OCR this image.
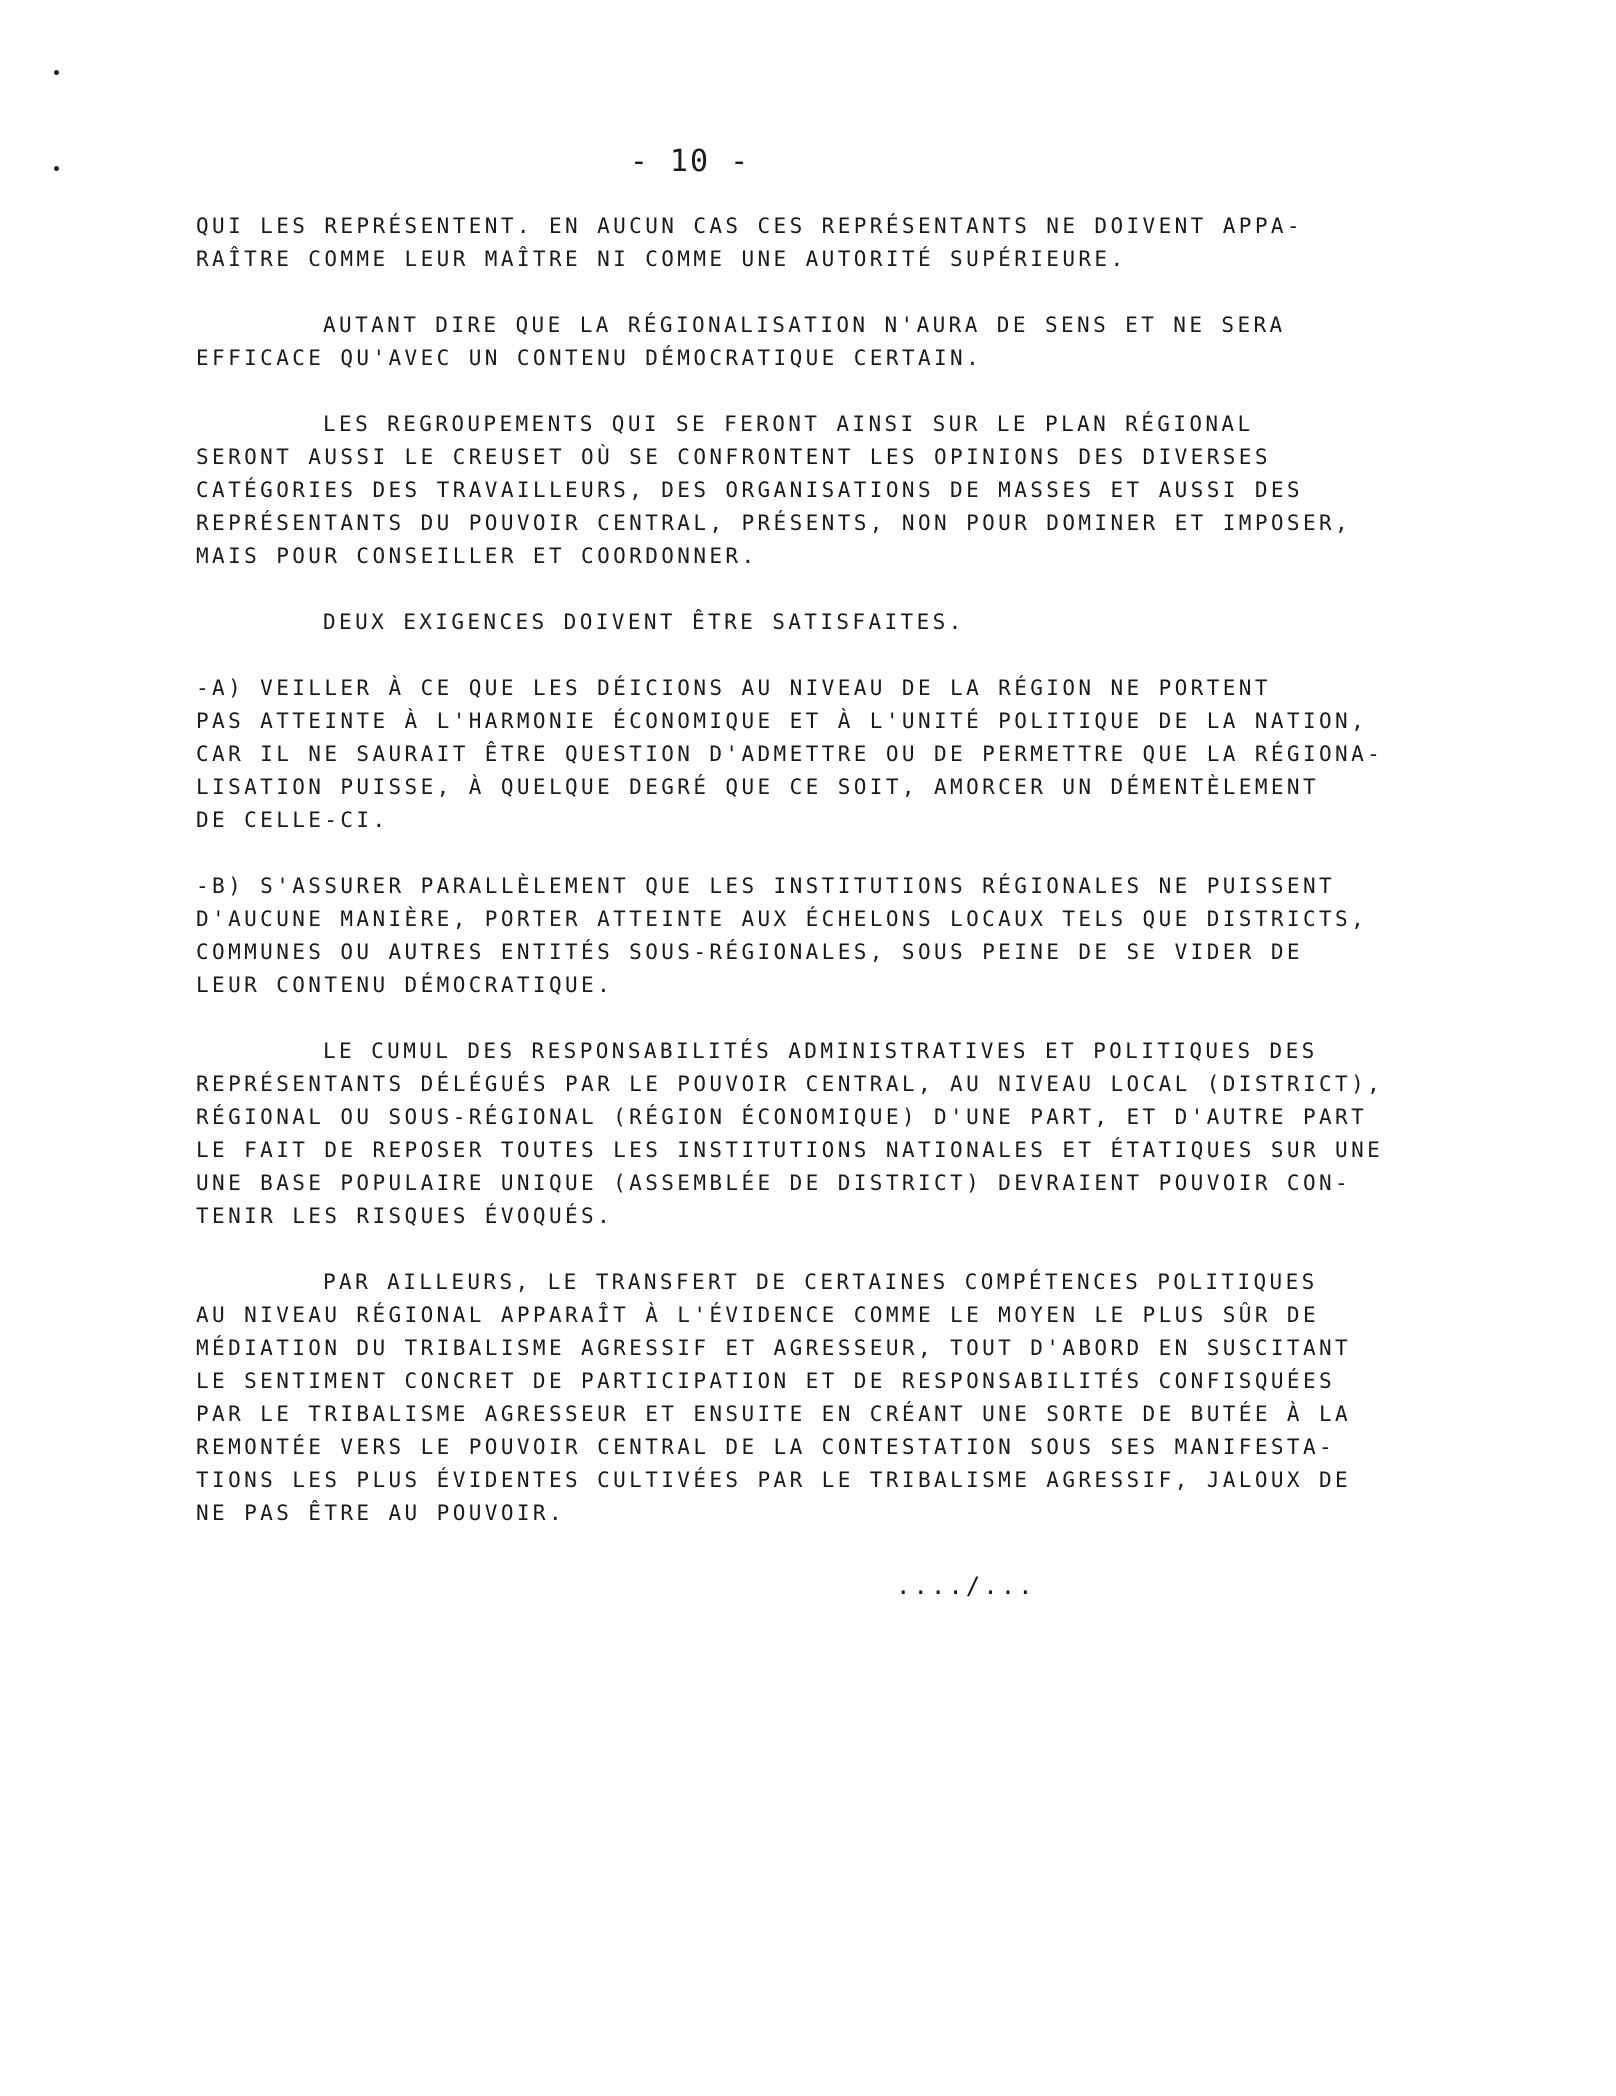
- 10 -
QUI LES REPRÉSENTENT. EN AUCUN CAS CES REPRÉSENTANTS NE DOIVENT APPA-
RAÎTRE COMME LEUR MAÎTRE NI COMME UNE AUTORITÉ SUPÉRIEURE.
AUTANT DIRE QUE LA RÉGIONALISATION N'AURA DE SENS ET NE SERA
EFFICACE QU'AVEC UN CONTENU DÉMOCRATIQUE CERTAIN.
LES REGROUPEMENTS QUI SE FERONT AINSI SUR LE PLAN RÉGIONAL
SERONT AUSSI LE CREUSET OÙ SE CONFRONTENT LES OPINIONS DES DIVERSES
CATÉGORIES DES TRAVAILLEURS, DES ORGANISATIONS DE MASSES ET AUSSI DES
REPRÉSENTANTS DU POUVOIR CENTRAL, PRÉSENTS, NON POUR DOMINER ET IMPOSER,
MAIS POUR CONSEILLER ET COORDONNER.
DEUX EXIGENCES DOIVENT ÊTRE SATISFAITES.
-A) VEILLER À CE QUE LES DÉICIONS AU NIVEAU DE LA RÉGION NE PORTENT
PAS ATTEINTE À L'HARMONIE ÉCONOMIQUE ET À L'UNITÉ POLITIQUE DE LA NATION,
CAR IL NE SAURAIT ÊTRE QUESTION D'ADMETTRE OU DE PERMETTRE QUE LA RÉGIONA-
LISATION PUISSE, À QUELQUE DEGRÉ QUE CE SOIT, AMORCER UN DÉMENTÈLEMENT
DE CELLE-CI.
-B) S'ASSURER PARALLÈLEMENT QUE LES INSTITUTIONS RÉGIONALES NE PUISSENT
D'AUCUNE MANIÈRE, PORTER ATTEINTE AUX ÉCHELONS LOCAUX TELS QUE DISTRICTS,
COMMUNES OU AUTRES ENTITÉS SOUS-RÉGIONALES, SOUS PEINE DE SE VIDER DE
LEUR CONTENU DÉMOCRATIQUE.
LE CUMUL DES RESPONSABILITÉS ADMINISTRATIVES ET POLITIQUES DES
REPRÉSENTANTS DÉLÉGUÉS PAR LE POUVOIR CENTRAL, AU NIVEAU LOCAL (DISTRICT),
RÉGIONAL OU SOUS-RÉGIONAL (RÉGION ÉCONOMIQUE) D'UNE PART, ET D'AUTRE PART
LE FAIT DE REPOSER TOUTES LES INSTITUTIONS NATIONALES ET ÉTATIQUES SUR UNE
UNE BASE POPULAIRE UNIQUE (ASSEMBLÉE DE DISTRICT) DEVRAIENT POUVOIR CON-
TENIR LES RISQUES ÉVOQUÉS.
PAR AILLEURS, LE TRANSFERT DE CERTAINES COMPÉTENCES POLITIQUES
AU NIVEAU RÉGIONAL APPARAÎT À L'ÉVIDENCE COMME LE MOYEN LE PLUS SÛR DE
MÉDIATION DU TRIBALISME AGRESSIF ET AGRESSEUR, TOUT D'ABORD EN SUSCITANT
LE SENTIMENT CONCRET DE PARTICIPATION ET DE RESPONSABILITÉS CONFISQUÉES
PAR LE TRIBALISME AGRESSEUR ET ENSUITE EN CRÉANT UNE SORTE DE BUTÉE À LA
REMONTÉE VERS LE POUVOIR CENTRAL DE LA CONTESTATION SOUS SES MANIFESTA-
TIONS LES PLUS ÉVIDENTES CULTIVÉES PAR LE TRIBALISME AGRESSIF, JALOUX DE
NE PAS ÊTRE AU POUVOIR.
..../...
